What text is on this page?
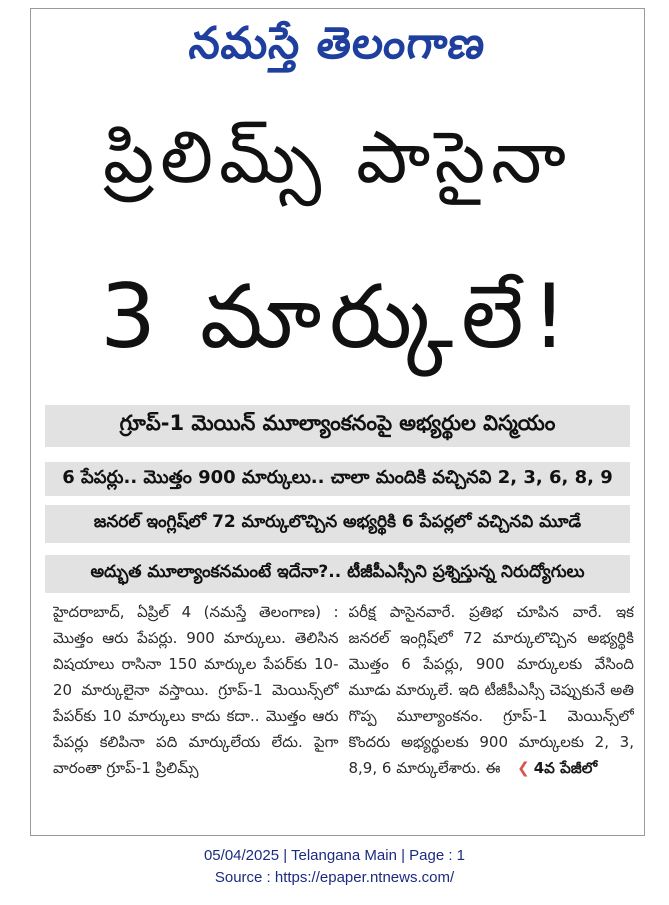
నమస్తే తెలంగాణ
ప్రిలిమ్స్ పాసైనా
3 మార్కులే!
గ్రూప్-1 మెయిన్ మూల్యాంకనంపై అభ్యర్థుల విస్మయం
6 పేపర్లు.. మొత్తం 900 మార్కులు.. చాలా మందికి వచ్చినవి 2, 3, 6, 8, 9
జనరల్ ఇంగ్లిష్‌లో 72 మార్కులొచ్చిన అభ్యర్థికి 6 పేపర్లలో వచ్చినవి మూడే
అద్భుత మూల్యాంకనమంటే ఇదేనా?.. టీజీపీఎస్సీని ప్రశ్నిస్తున్న నిరుద్యోగులు
హైదరాబాద్, ఏప్రిల్ 4 (నమస్తే తెలంగాణ) : మొత్తం ఆరు పేపర్లు. 900 మార్కులు. తెలిసిన విషయాలు రాసినా 150 మార్కుల పేపర్‌కు 10-20 మార్కులైనా వస్తాయి. గ్రూప్-1 మెయిన్స్‌లో పేపర్‌కు 10 మార్కులు కాదు కదా.. మొత్తం ఆరు పేపర్లు కలిపినా పది మార్కులేయ లేదు. పైగా వారంతా గ్రూప్-1 ప్రిలిమ్స్
పరీక్ష పాసైనవారే. ప్రతిభ చూపిన వారే. ఇక జనరల్ ఇంగ్లిష్‌లో 72 మార్కులొచ్చిన అభ్యర్థికి మొత్తం 6 పేపర్లు, 900 మార్కులకు వేసింది మూడు మార్కులే. ఇది టీజీపీఎస్సీ చెప్పుకునే అతి గొప్ప మూల్యాంకనం. గ్రూప్-1 మెయిన్స్‌లో కొందరు అభ్యర్థులకు 900 మార్కులకు 2, 3, 8,9, 6 మార్కులేశారు. ఈ ❮ 4వ పేజీలో
05/04/2025 | Telangana Main | Page : 1
Source : https://epaper.ntnews.com/
